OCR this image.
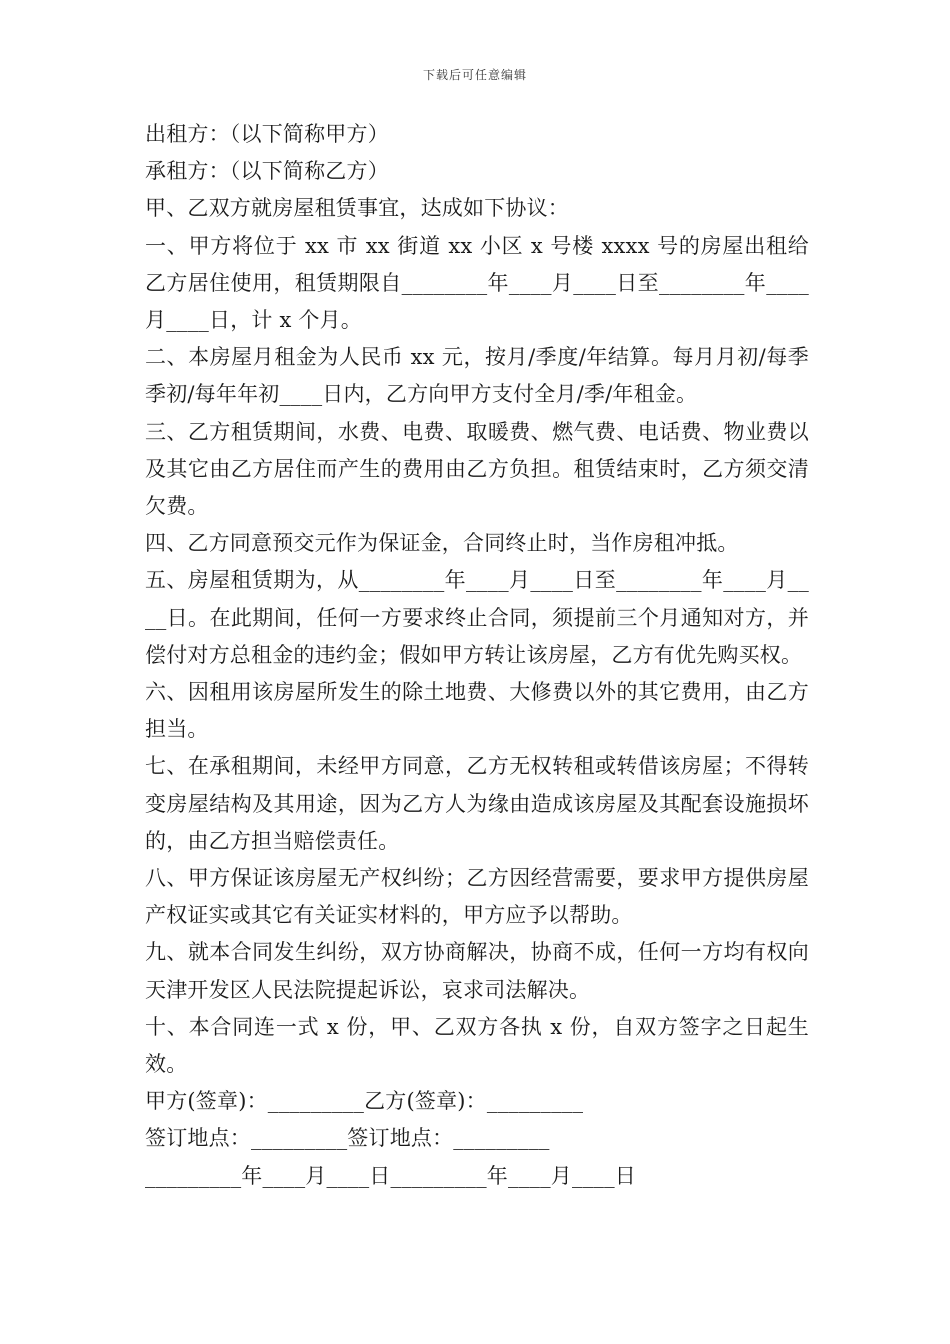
下载后可任意编辑

出租方：（以下简称甲方）

承租方：（以下简称乙方）

甲、乙双方就房屋租赁事宜，达成如下协议：

一、甲方将位于 xx 市 xx 街道 xx 小区 x 号楼 xxxx 号的房屋出租给乙方居住使用，租赁期限自________年____月____日至________年____月____日，计 x 个月。

二、本房屋月租金为人民币 xx 元，按月/季度/年结算。每月月初/每季季初/每年年初____日内，乙方向甲方支付全月/季/年租金。

三、乙方租赁期间，水费、电费、取暖费、燃气费、电话费、物业费以及其它由乙方居住而产生的费用由乙方负担。租赁结束时，乙方须交清欠费。

四、乙方同意预交元作为保证金，合同终止时，当作房租冲抵。

五、房屋租赁期为，从________年____月____日至________年____月____日。在此期间，任何一方要求终止合同，须提前三个月通知对方，并偿付对方总租金的违约金；假如甲方转让该房屋，乙方有优先购买权。

六、因租用该房屋所发生的除土地费、大修费以外的其它费用，由乙方担当。

七、在承租期间，未经甲方同意，乙方无权转租或转借该房屋；不得转变房屋结构及其用途，因为乙方人为缘由造成该房屋及其配套设施损坏的，由乙方担当赔偿责任。

八、甲方保证该房屋无产权纠纷；乙方因经营需要，要求甲方提供房屋产权证实或其它有关证实材料的，甲方应予以帮助。

九、就本合同发生纠纷，双方协商解决，协商不成，任何一方均有权向天津开发区人民法院提起诉讼，哀求司法解决。

十、本合同连一式 x 份，甲、乙双方各执 x 份，自双方签字之日起生效。

甲方(签章)：_________乙方(签章)：_________

签订地点：_________签订地点：_________

_________年____月____日_________年____月____日
